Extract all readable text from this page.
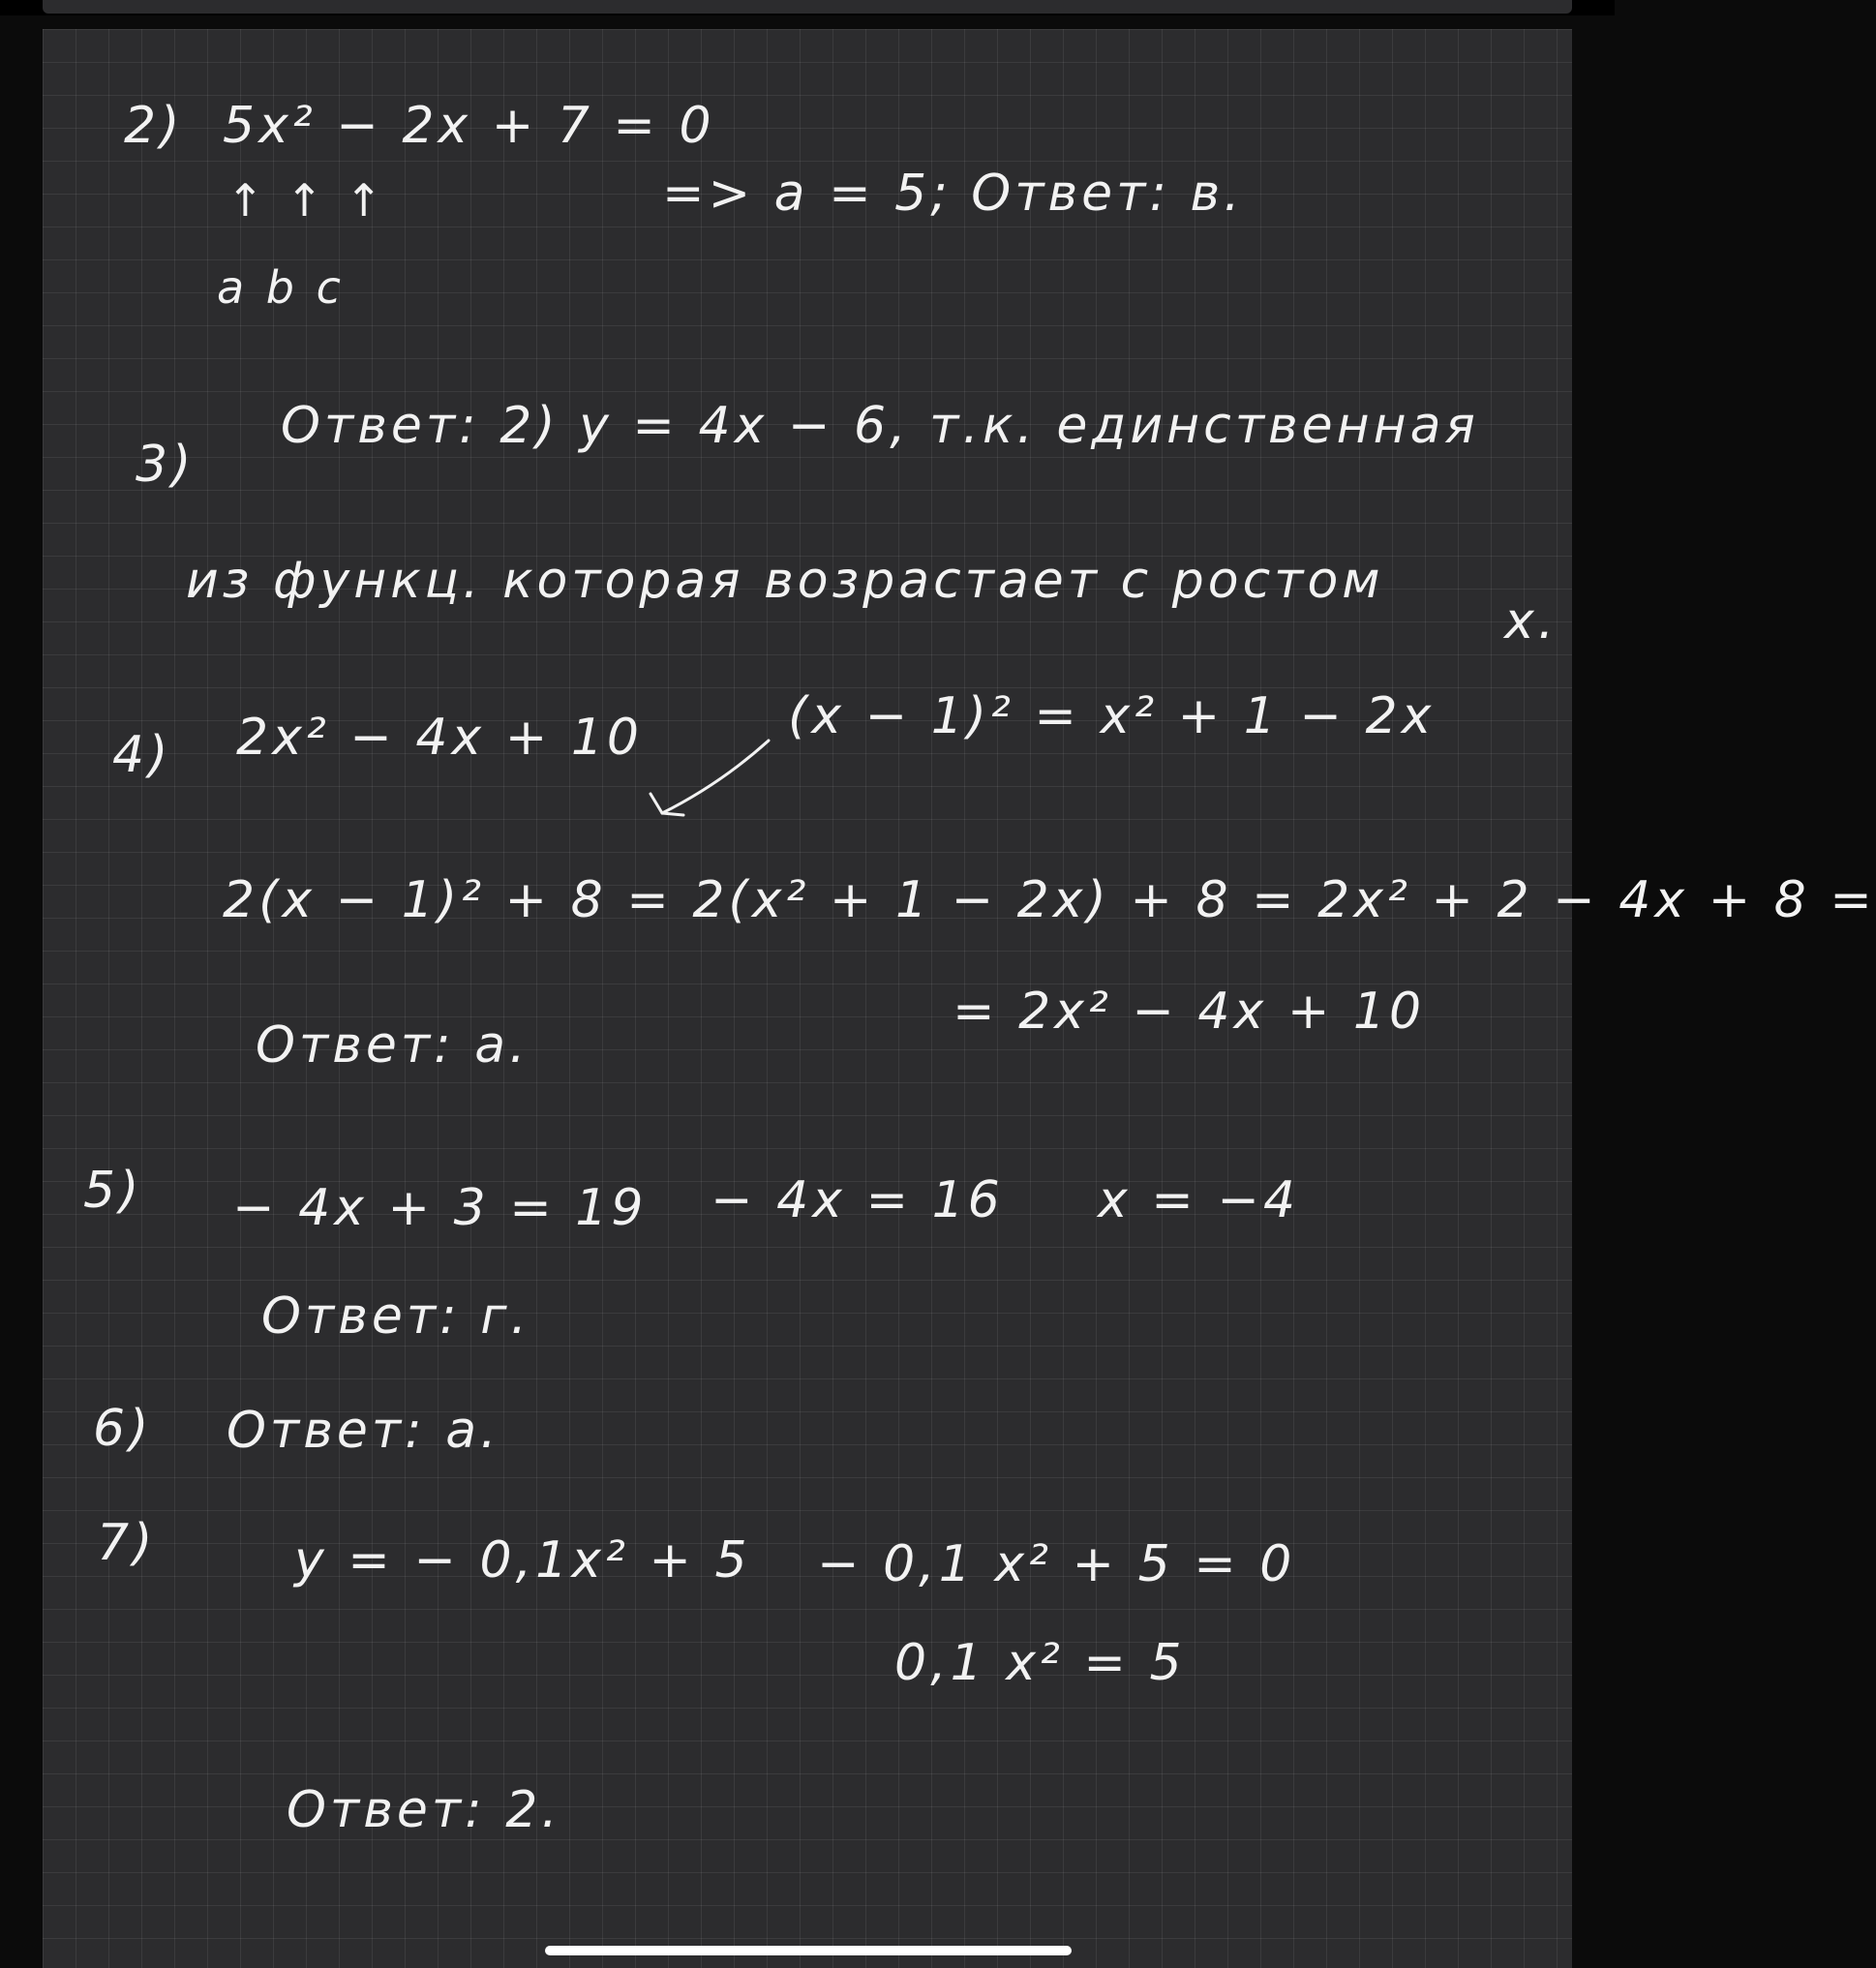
2) 5x² − 2x + 7 = 0
↑ ↑ ↑
a b c
=> a = 5; Ответ: в.
3)
Ответ: 2) y = 4x − 6, т.к. единственная
из функц. которая возрастает с ростом
x.
4) 2x² − 4x + 10	(x − 1)² = x² + 1 − 2x
2(x − 1)² + 8 = 2(x² + 1 − 2x) + 8 = 2x² + 2 − 4x + 8 =
= 2x² − 4x + 10
Ответ: а.
5) − 4x + 3 = 19 − 4x = 16 x = −4
Ответ: г.
6) Ответ: а.
7)	y = − 0,1x² + 5 − 0,1 x² + 5 = 0
0,1 x² = 5
Ответ: 2.
